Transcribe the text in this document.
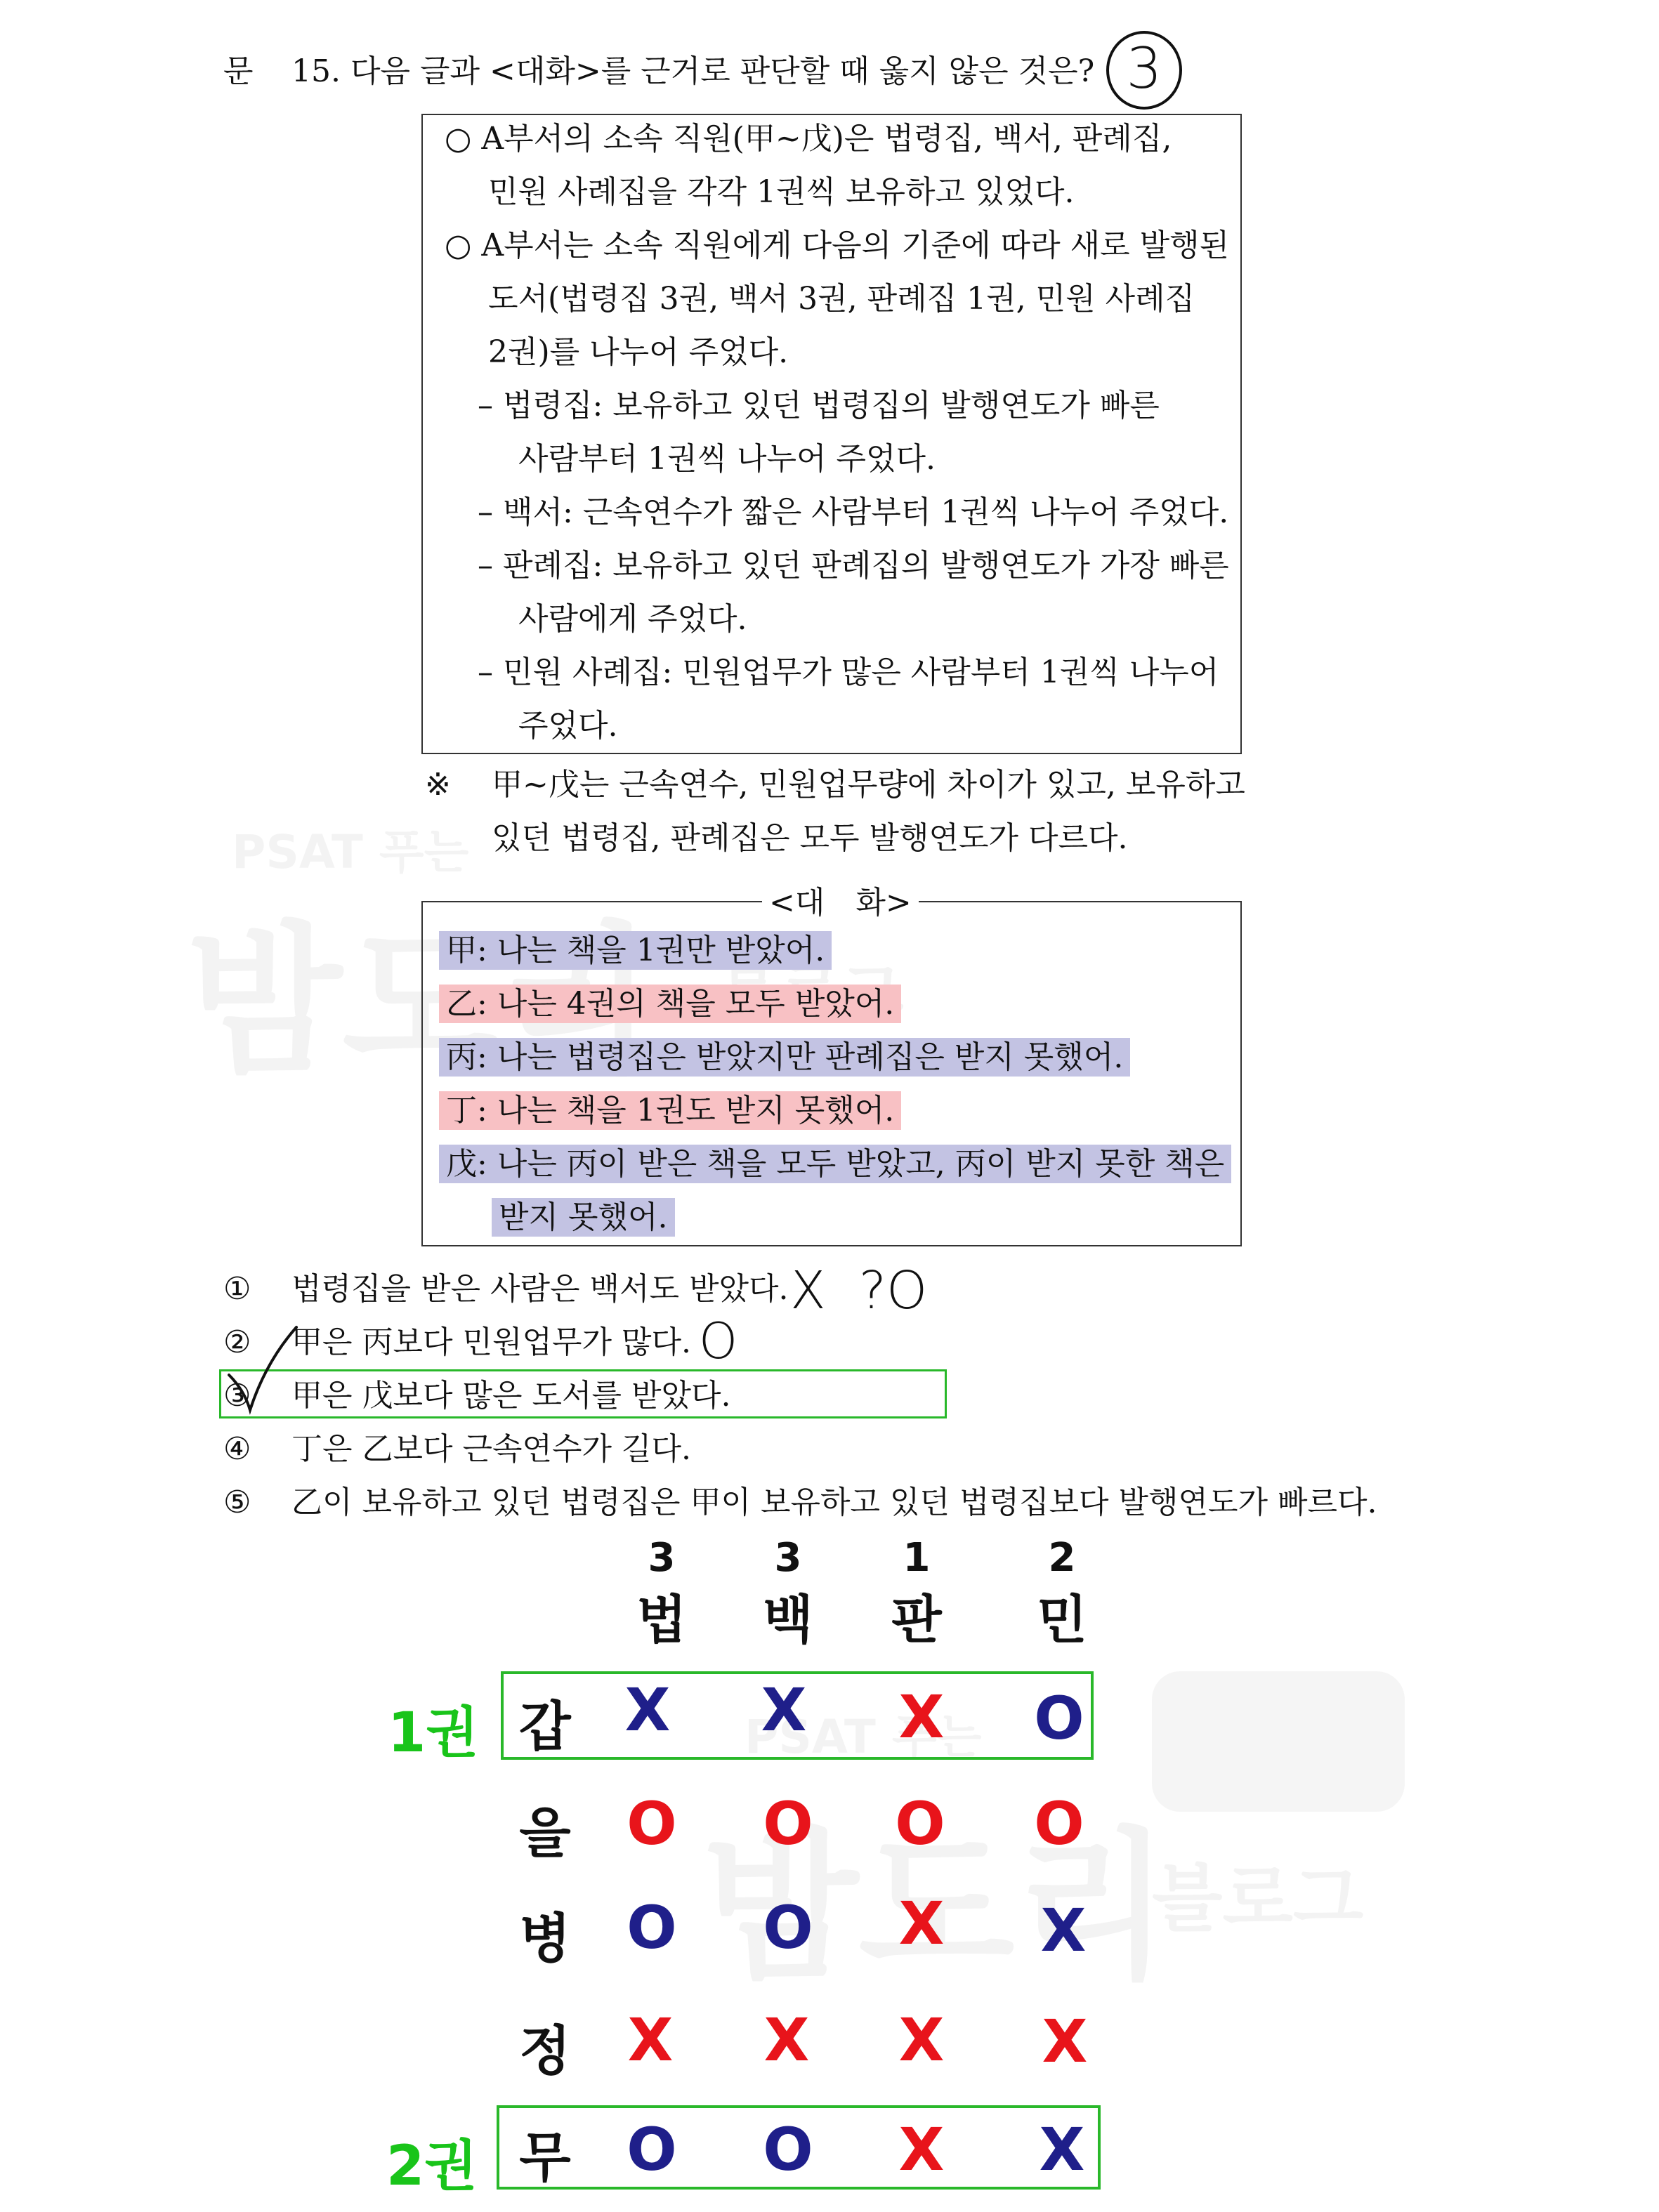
문 15. 다음 글과 <대화>를 근거로 판단할 때 옳지 않은 것은? 3
○ A부서의 소속 직원(甲~戊)은 법령집, 백서, 판례집,
민원 사례집을 각각 1권씩 보유하고 있었다.
○ A부서는 소속 직원에게 다음의 기준에 따라 새로 발행된
도서(법령집 3권, 백서 3권, 판례집 1권, 민원 사례집
2권)를 나누어 주었다.
– 법령집: 보유하고 있던 법령집의 발행연도가 빠른
사람부터 1권씩 나누어 주었다.
– 백서: 근속연수가 짧은 사람부터 1권씩 나누어 주었다.
– 판례집: 보유하고 있던 판례집의 발행연도가 가장 빠른
사람에게 주었다.
– 민원 사례집: 민원업무가 많은 사람부터 1권씩 나누어
주었다.
※ 甲~戊는 근속연수, 민원업무량에 차이가 있고, 보유하고
있던 법령집, 판례집은 모두 발행연도가 다르다.
<대　화>
甲: 나는 책을 1권만 받았어.
乙: 나는 4권의 책을 모두 받았어.
丙: 나는 법령집은 받았지만 판례집은 받지 못했어.
丁: 나는 책을 1권도 받지 못했어.
戊: 나는 丙이 받은 책을 모두 받았고, 丙이 받지 못한 책은
받지 못했어.
① 법령집을 받은 사람은 백서도 받았다. X  ?O
② 甲은 丙보다 민원업무가 많다. O
③ 甲은 戊보다 많은 도서를 받았다.
④ 丁은 乙보다 근속연수가 길다.
⑤ 乙이 보유하고 있던 법령집은 甲이 보유하고 있던 법령집보다 발행연도가 빠르다.
3	3	1	2
법	백	판	민
1권 갑 X	X	X	O
을 O	O	O	O
병 O	O	X	X
정 X	X	X	X
2권 무 O	O	X	X
